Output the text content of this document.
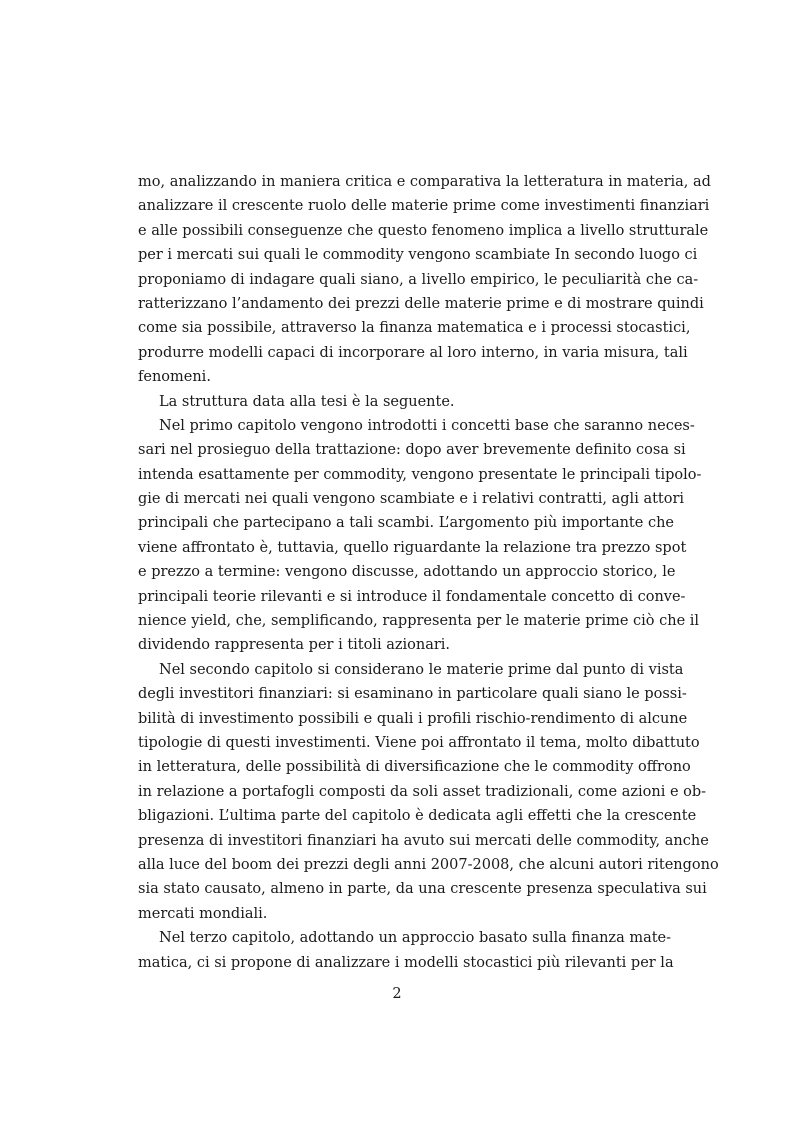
mo, analizzando in maniera critica e comparativa la letteratura in materia, ad
analizzare il crescente ruolo delle materie prime come investimenti finanziari
e alle possibili conseguenze che questo fenomeno implica a livello strutturale
per i mercati sui quali le commodity vengono scambiate In secondo luogo ci
proponiamo di indagare quali siano, a livello empirico, le peculiarità che ca-
ratterizzano l’andamento dei prezzi delle materie prime e di mostrare quindi
come sia possibile, attraverso la finanza matematica e i processi stocastici,
produrre modelli capaci di incorporare al loro interno, in varia misura, tali
fenomeni.
La struttura data alla tesi è la seguente.
Nel primo capitolo vengono introdotti i concetti base che saranno neces-
sari nel prosieguo della trattazione: dopo aver brevemente definito cosa si
intenda esattamente per commodity, vengono presentate le principali tipolo-
gie di mercati nei quali vengono scambiate e i relativi contratti, agli attori
principali che partecipano a tali scambi. L’argomento più importante che
viene affrontato è, tuttavia, quello riguardante la relazione tra prezzo spot
e prezzo a termine: vengono discusse, adottando un approccio storico, le
principali teorie rilevanti e si introduce il fondamentale concetto di conve-
nience yield, che, semplificando, rappresenta per le materie prime ciò che il
dividendo rappresenta per i titoli azionari.
Nel secondo capitolo si considerano le materie prime dal punto di vista
degli investitori finanziari: si esaminano in particolare quali siano le possi-
bilità di investimento possibili e quali i profili rischio-rendimento di alcune
tipologie di questi investimenti. Viene poi affrontato il tema, molto dibattuto
in letteratura, delle possibilità di diversificazione che le commodity offrono
in relazione a portafogli composti da soli asset tradizionali, come azioni e ob-
bligazioni. L’ultima parte del capitolo è dedicata agli effetti che la crescente
presenza di investitori finanziari ha avuto sui mercati delle commodity, anche
alla luce del boom dei prezzi degli anni 2007-2008, che alcuni autori ritengono
sia stato causato, almeno in parte, da una crescente presenza speculativa sui
mercati mondiali.
Nel terzo capitolo, adottando un approccio basato sulla finanza mate-
matica, ci si propone di analizzare i modelli stocastici più rilevanti per la
2
